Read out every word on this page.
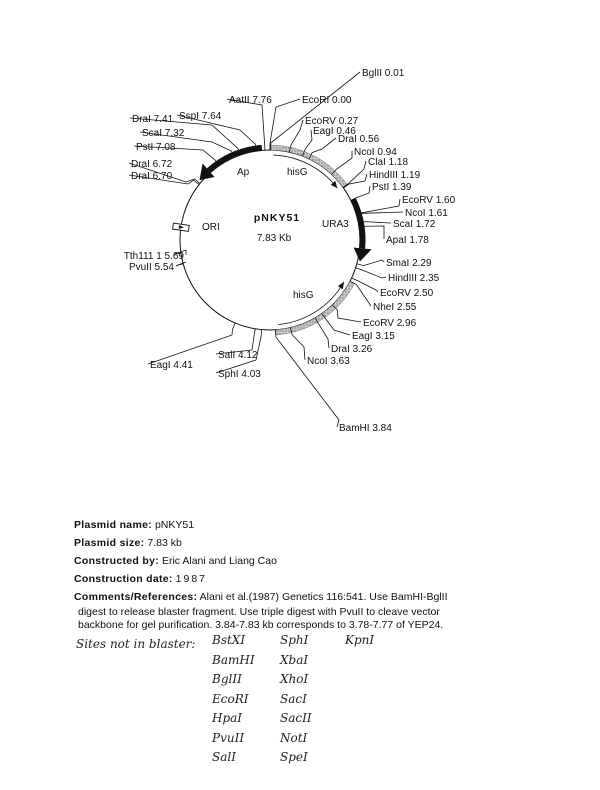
BglII 0.01
EcoRI 0.00
EcoRV 0.27
EagI 0.46
DraI 0.56
NcoI 0.94
ClaI 1.18
HindIII 1.19
PstI 1.39
EcoRV 1.60
NcoI 1.61
ScaI 1.72
ApaI 1.78
SmaI 2.29
HindIII 2.35
EcoRV 2.50
NheI 2.55
EcoRV 2.96
EagI 3.15
DraI 3.26
NcoI 3.63
BamHI 3.84
SphI 4.03
SalI 4.12
EagI 4.41
PvuII 5.54
Tth111 1 5.69
DraI 6.70
DraI 6.72
PstI 7.08
ScaI 7.32
DraI 7.41 SspI 7.64
AatII 7.76
pNKY51
7.83 Kb
Ap	hisG
URA3
hisG
ORI
Plasmid name: pNKY51
Plasmid size: 7.83 kb
Constructed by: Eric Alani and Liang Cao
Construction date: 1987
Comments/References: Alani et al.(1987) Genetics 116:541. Use BamHI-BglII
digest to release blaster fragment. Use triple digest with PvuII to cleave vector
backbone for gel purification. 3.84-7.83 kb corresponds to 3.78-7.77 of YEP24.
Sites not in blaster: BstXI
BamHI
BglII
EcoRI
HpaI
PvuII
SalI
SphI
XbaI
XhoI
SacI
SacII
NotI
SpeI
KpnI
